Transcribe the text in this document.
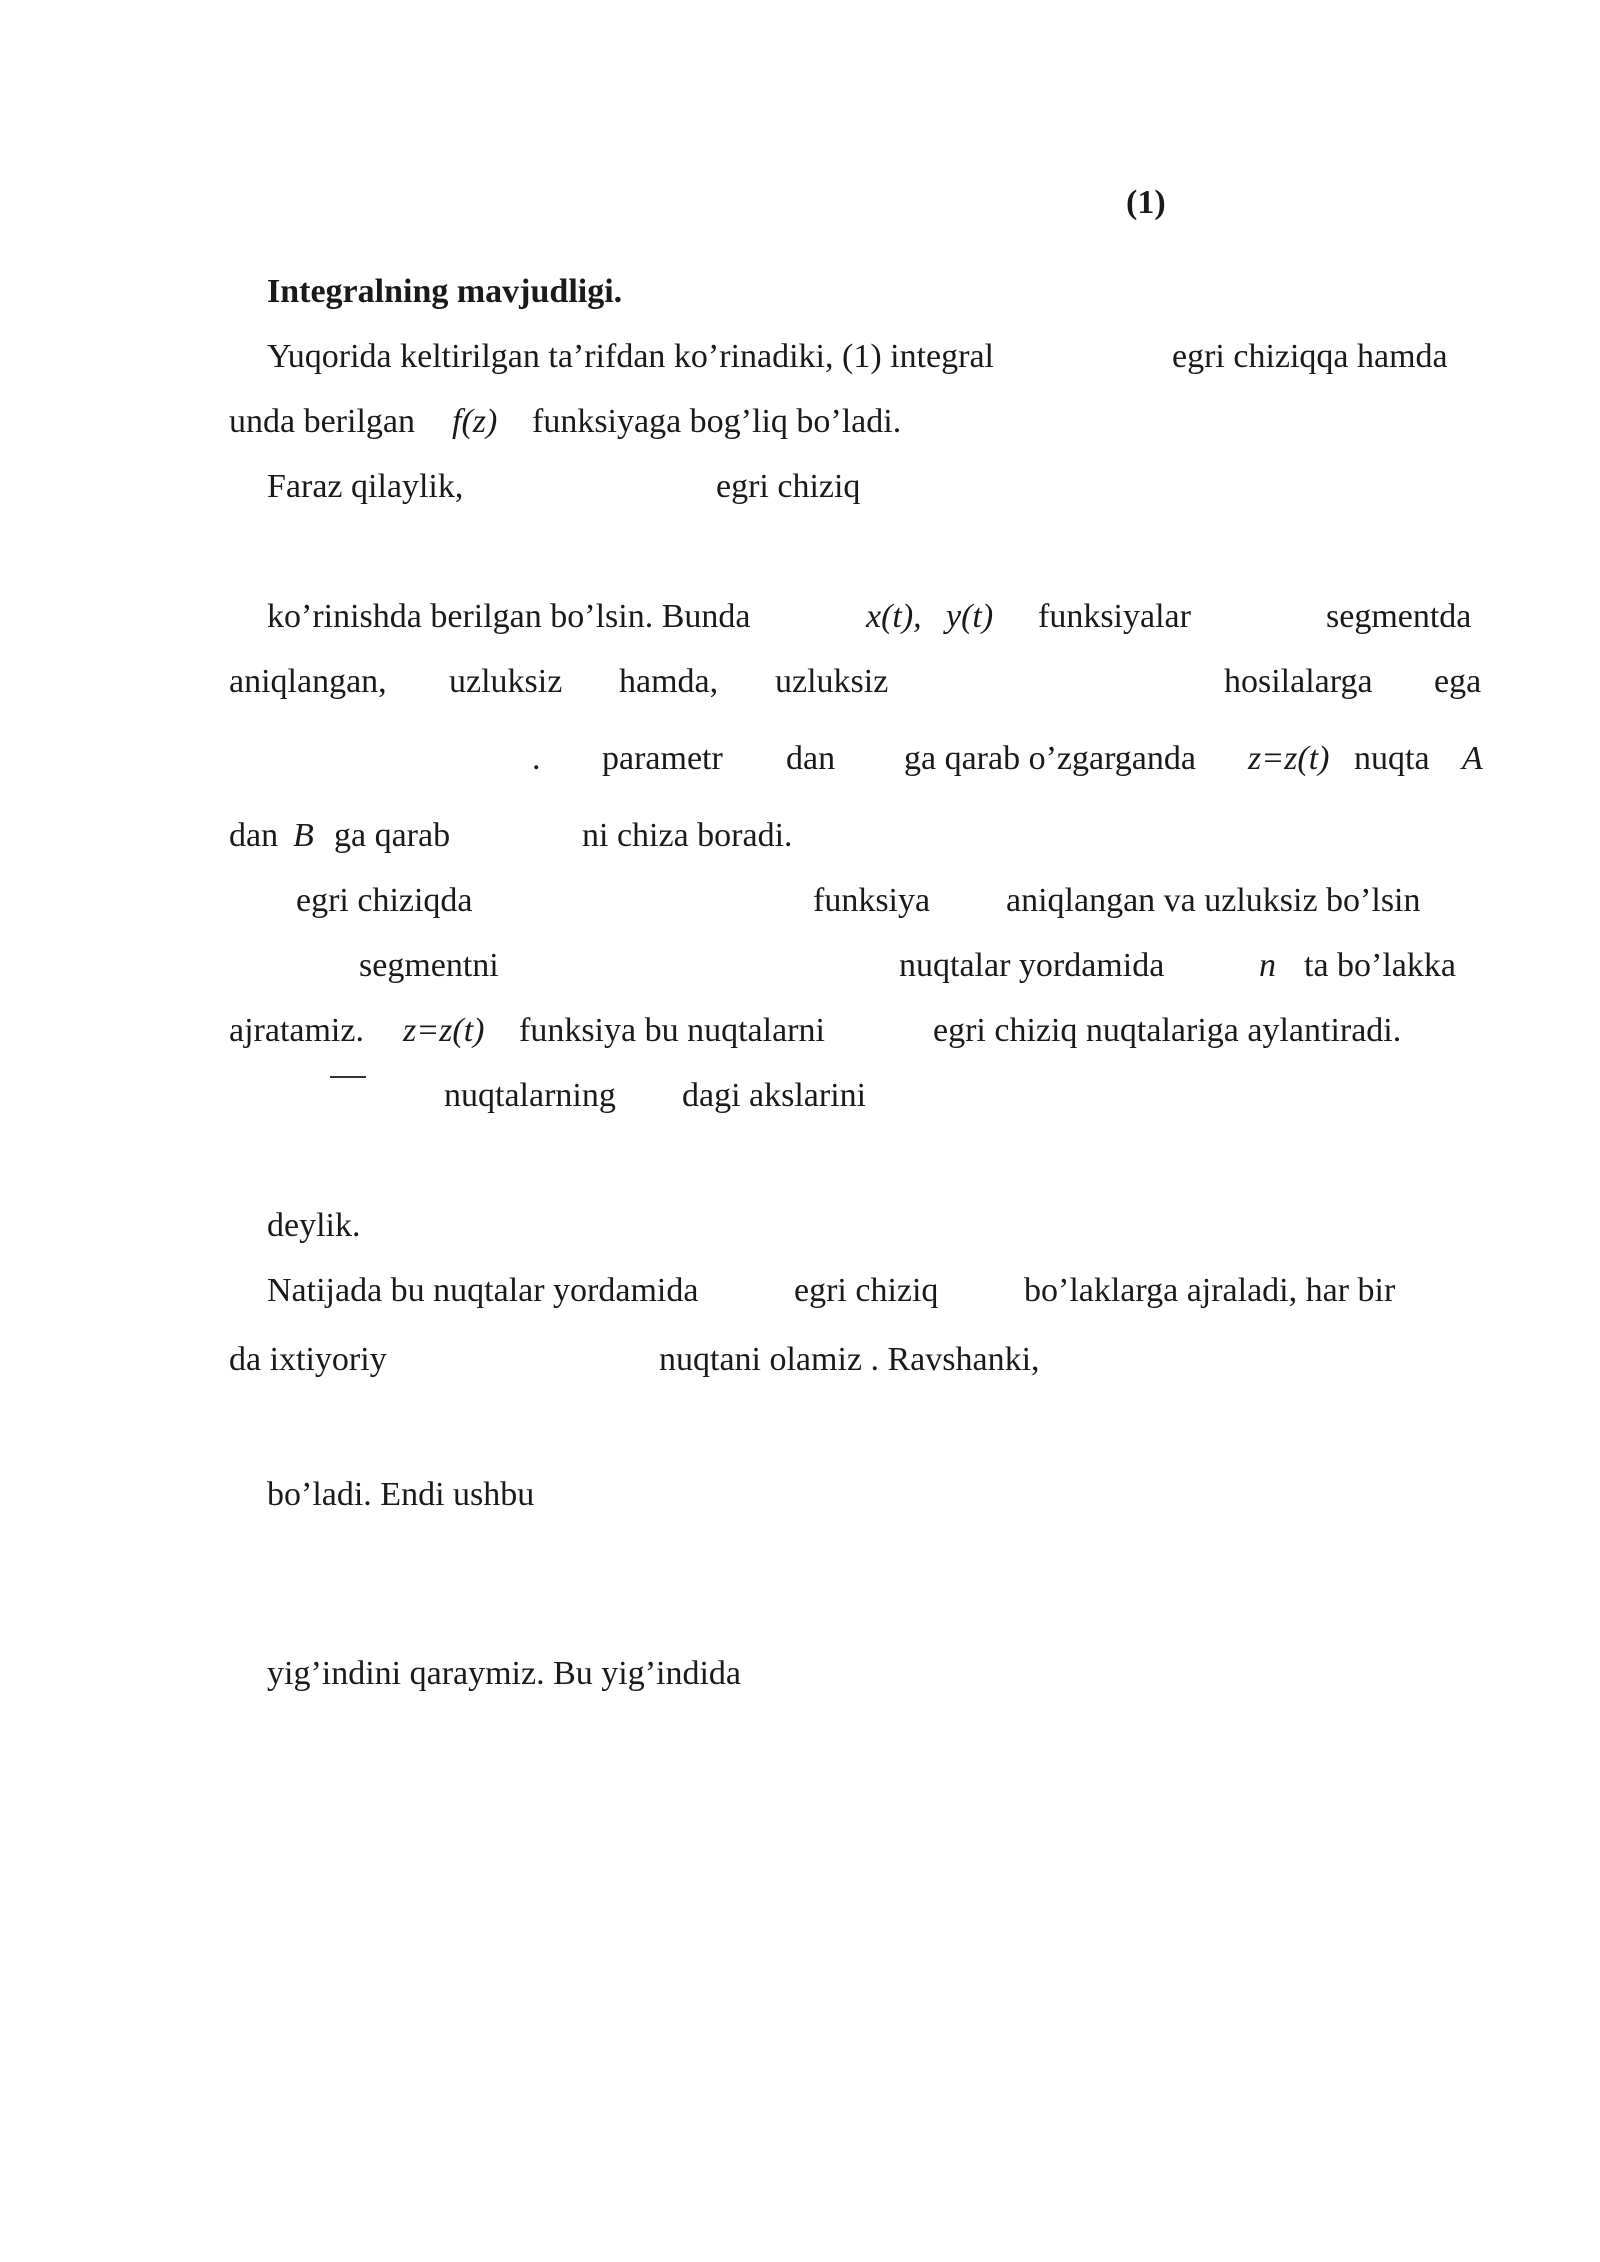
(1)
Integralning mavjudligi.
Yuqorida keltirilgan ta’rifdan ko’rinadiki, (1) integral	egri chiziqqa hamda
unda berilgan f(z) funksiyaga bog’liq bo’ladi.
Faraz qilaylik,	egri chiziq
ko’rinishda berilgan bo’lsin. Bunda	x(t), y(t) funksiyalar	segmentda
aniqlangan, uzluksiz hamda, uzluksiz	hosilalarga ega
. parametr dan ga qarab o’zgarganda z=z(t) nuqta A
dan B ga qarab	ni chiza boradi.
egri chiziqda	funksiya aniqlangan va uzluksiz bo’lsin
segmentni	nuqtalar yordamida	n ta bo’lakka
ajratamiz. z=z(t) funksiya bu nuqtalarni	egri chiziq nuqtalariga aylantiradi.
nuqtalarning dagi akslarini
deylik.
Natijada bu nuqtalar yordamida	egri chiziq	bo’laklarga ajraladi, har bir
da ixtiyoriy	nuqtani olamiz . Ravshanki,
bo’ladi. Endi ushbu
yig’indini qaraymiz. Bu yig’indida
